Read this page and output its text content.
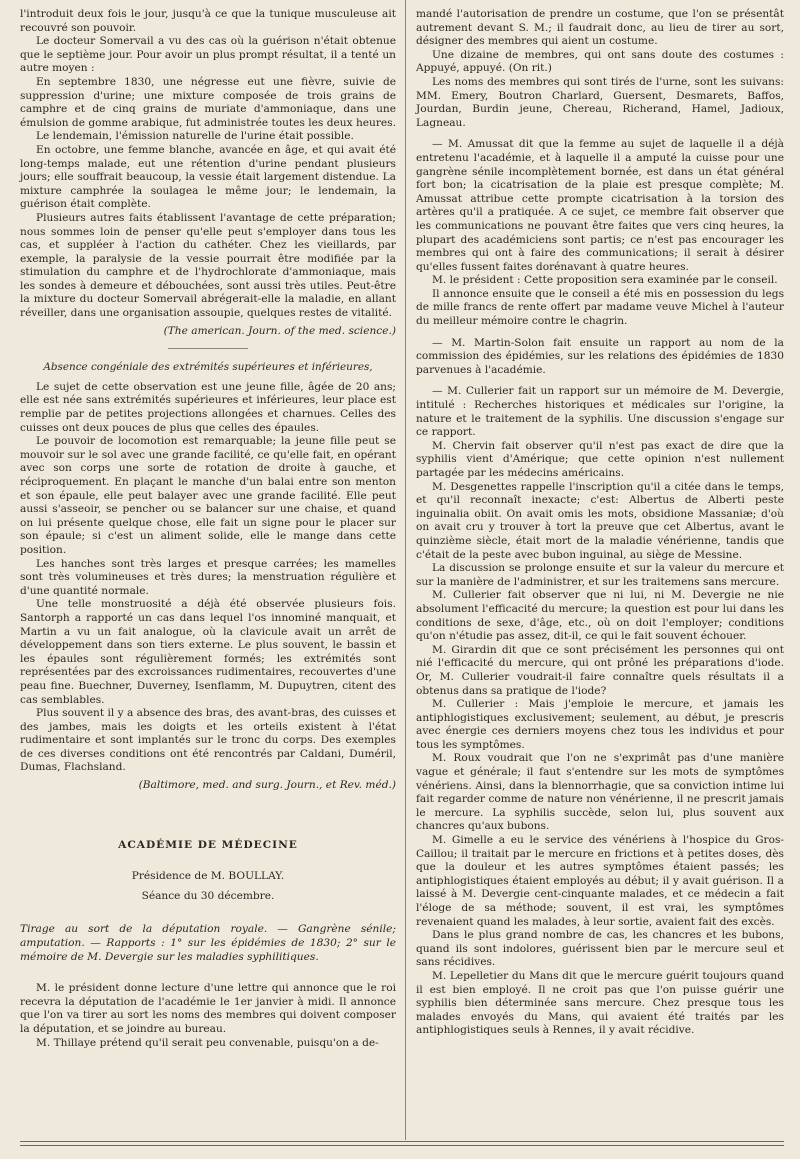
l'introduit deux fois le jour, jusqu'à ce que la tunique musculeuse ait recouvré son pouvoir.

Le docteur Somervail a vu des cas où la guérison n'était obtenue que le septième jour. Pour avoir un plus prompt résultat, il a tenté un autre moyen :

En septembre 1830, une négresse eut une fièvre, suivie de suppression d'urine; une mixture composée de trois grains de camphre et de cinq grains de muriate d'ammoniaque, dans une émulsion de gomme arabique, fut administrée toutes les deux heures.

Le lendemain, l'émission naturelle de l'urine était possible.

En octobre, une femme blanche, avancée en âge, et qui avait été long-temps malade, eut une rétention d'urine pendant plusieurs jours; elle souffrait beaucoup, la vessie était largement distendue. La mixture camphrée la soulagea le même jour; le lendemain, la guérison était complète.

Plusieurs autres faits établissent l'avantage de cette préparation; nous sommes loin de penser qu'elle peut s'employer dans tous les cas, et suppléer à l'action du cathéter. Chez les vieillards, par exemple, la paralysie de la vessie pourrait être modifiée par la stimulation du camphre et de l'hydrochlorate d'ammoniaque, mais les sondes à demeure et débouchées, sont aussi très utiles. Peut-être la mixture du docteur Somervail abrégerait-elle la maladie, en allant réveiller, dans une organisation assoupie, quelques restes de vitalité.

(The american. Journ. of the med. science.)

Absence congéniale des extrémités supérieures et inférieures,

Le sujet de cette observation est une jeune fille, âgée de 20 ans; elle est née sans extrémités supérieures et inférieures, leur place est remplie par de petites projections allongées et charnues. Celles des cuisses ont deux pouces de plus que celles des épaules.

Le pouvoir de locomotion est remarquable; la jeune fille peut se mouvoir sur le sol avec une grande facilité, ce qu'elle fait, en opérant avec son corps une sorte de rotation de droite à gauche, et réciproquement. En plaçant le manche d'un balai entre son menton et son épaule, elle peut balayer avec une grande facilité. Elle peut aussi s'asseoir, se pencher ou se balancer sur une chaise, et quand on lui présente quelque chose, elle fait un signe pour le placer sur son épaule; si c'est un aliment solide, elle le mange dans cette position.

Les hanches sont très larges et presque carrées; les mamelles sont très volumineuses et très dures; la menstruation régulière et d'une quantité normale.

Une telle monstruosité a déjà été observée plusieurs fois. Santorph a rapporté un cas dans lequel l'os innominé manquait, et Martin a vu un fait analogue, où la clavicule avait un arrêt de développement dans son tiers externe. Le plus souvent, le bassin et les épaules sont régulièrement formés; les extrémités sont représentées par des excroissances rudimentaires, recouvertes d'une peau fine. Buechner, Duverney, Isenflamm, M. Dupuytren, citent des cas semblables.

Plus souvent il y a absence des bras, des avant-bras, des cuisses et des jambes, mais les doigts et les orteils existent à l'état rudimentaire et sont implantés sur le tronc du corps. Des exemples de ces diverses conditions ont été rencontrés par Caldani, Duméril, Dumas, Flachsland.

(Baltimore, med. and surg. Journ., et Rev. méd.)

ACADÉMIE DE MÉDECINE

Présidence de M. BOULLAY.

Séance du 30 décembre.

Tirage au sort de la députation royale. — Gangrène sénile; amputation. — Rapports : 1° sur les épidémies de 1830; 2° sur le mémoire de M. Devergie sur les maladies syphilitiques.

M. le président donne lecture d'une lettre qui annonce que le roi recevra la députation de l'académie le 1er janvier à midi. Il annonce que l'on va tirer au sort les noms des membres qui doivent composer la députation, et se joindre au bureau.

M. Thillaye prétend qu'il serait peu convenable, puisqu'on a de-

mandé l'autorisation de prendre un costume, que l'on se présentât autrement devant S. M.; il faudrait donc, au lieu de tirer au sort, désigner des membres qui aient un costume.

Une dizaine de membres, qui ont sans doute des costumes : Appuyé, appuyé. (On rit.)

Les noms des membres qui sont tirés de l'urne, sont les suivans: MM. Emery, Boutron Charlard, Guersent, Desmarets, Baffos, Jourdan, Burdin jeune, Chereau, Richerand, Hamel, Jadioux, Lagneau.

— M. Amussat dit que la femme au sujet de laquelle il a déjà entretenu l'académie, et à laquelle il a amputé la cuisse pour une gangrène sénile incomplètement bornée, est dans un état général fort bon; la cicatrisation de la plaie est presque complète; M. Amussat attribue cette prompte cicatrisation à la torsion des artères qu'il a pratiquée. A ce sujet, ce membre fait observer que les communications ne pouvant être faites que vers cinq heures, la plupart des académiciens sont partis; ce n'est pas encourager les membres qui ont à faire des communications; il serait à désirer qu'elles fussent faites dorénavant à quatre heures.

M. le président : Cette proposition sera examinée par le conseil.

Il annonce ensuite que le conseil a été mis en possession du legs de mille francs de rente offert par madame veuve Michel à l'auteur du meilleur mémoire contre le chagrin.

— M. Martin-Solon fait ensuite un rapport au nom de la commission des épidémies, sur les relations des épidémies de 1830 parvenues à l'académie.

— M. Cullerier fait un rapport sur un mémoire de M. Devergie, intitulé : Recherches historiques et médicales sur l'origine, la nature et le traitement de la syphilis. Une discussion s'engage sur ce rapport.

M. Chervin fait observer qu'il n'est pas exact de dire que la syphilis vient d'Amérique; que cette opinion n'est nullement partagée par les médecins américains.

M. Desgenettes rappelle l'inscription qu'il a citée dans le temps, et qu'il reconnaît inexacte; c'est: Albertus de Alberti peste inguinalia obiit. On avait omis les mots, obsidione Massaniæ; d'où on avait cru y trouver à tort la preuve que cet Albertus, avant le quinzième siècle, était mort de la maladie vénérienne, tandis que c'était de la peste avec bubon inguinal, au siège de Messine.

La discussion se prolonge ensuite et sur la valeur du mercure et sur la manière de l'administrer, et sur les traitemens sans mercure.

M. Cullerier fait observer que ni lui, ni M. Devergie ne nie absolument l'efficacité du mercure; la question est pour lui dans les conditions de sexe, d'âge, etc., où on doit l'employer; conditions qu'on n'étudie pas assez, dit-il, ce qui le fait souvent échouer.

M. Girardin dit que ce sont précisément les personnes qui ont nié l'efficacité du mercure, qui ont prôné les préparations d'iode. Or, M. Cullerier voudrait-il faire connaître quels résultats il a obtenus dans sa pratique de l'iode?

M. Cullerier : Mais j'emploie le mercure, et jamais les antiphlogistiques exclusivement; seulement, au début, je prescris avec énergie ces derniers moyens chez tous les individus et pour tous les symptômes.

M. Roux voudrait que l'on ne s'exprimât pas d'une manière vague et générale; il faut s'entendre sur les mots de symptômes vénériens. Ainsi, dans la blennorrhagie, que sa conviction intime lui fait regarder comme de nature non vénérienne, il ne prescrit jamais le mercure. La syphilis succède, selon lui, plus souvent aux chancres qu'aux bubons.

M. Gimelle a eu le service des vénériens à l'hospice du Gros-Caillou; il traitait par le mercure en frictions et à petites doses, dès que la douleur et les autres symptômes étaient passés; les antiphlogistiques étaient employés au début; il y avait guérison. Il a laissé à M. Devergie cent-cinquante malades, et ce médecin a fait l'éloge de sa méthode; souvent, il est vrai, les symptômes revenaient quand les malades, à leur sortie, avaient fait des excès.

Dans le plus grand nombre de cas, les chancres et les bubons, quand ils sont indolores, guérissent bien par le mercure seul et sans récidives.

M. Lepelletier du Mans dit que le mercure guérit toujours quand il est bien employé. Il ne croit pas que l'on puisse guérir une syphilis bien déterminée sans mercure. Chez presque tous les malades envoyés du Mans, qui avaient été traités par les antiphlogistiques seuls à Rennes, il y avait récidive.
